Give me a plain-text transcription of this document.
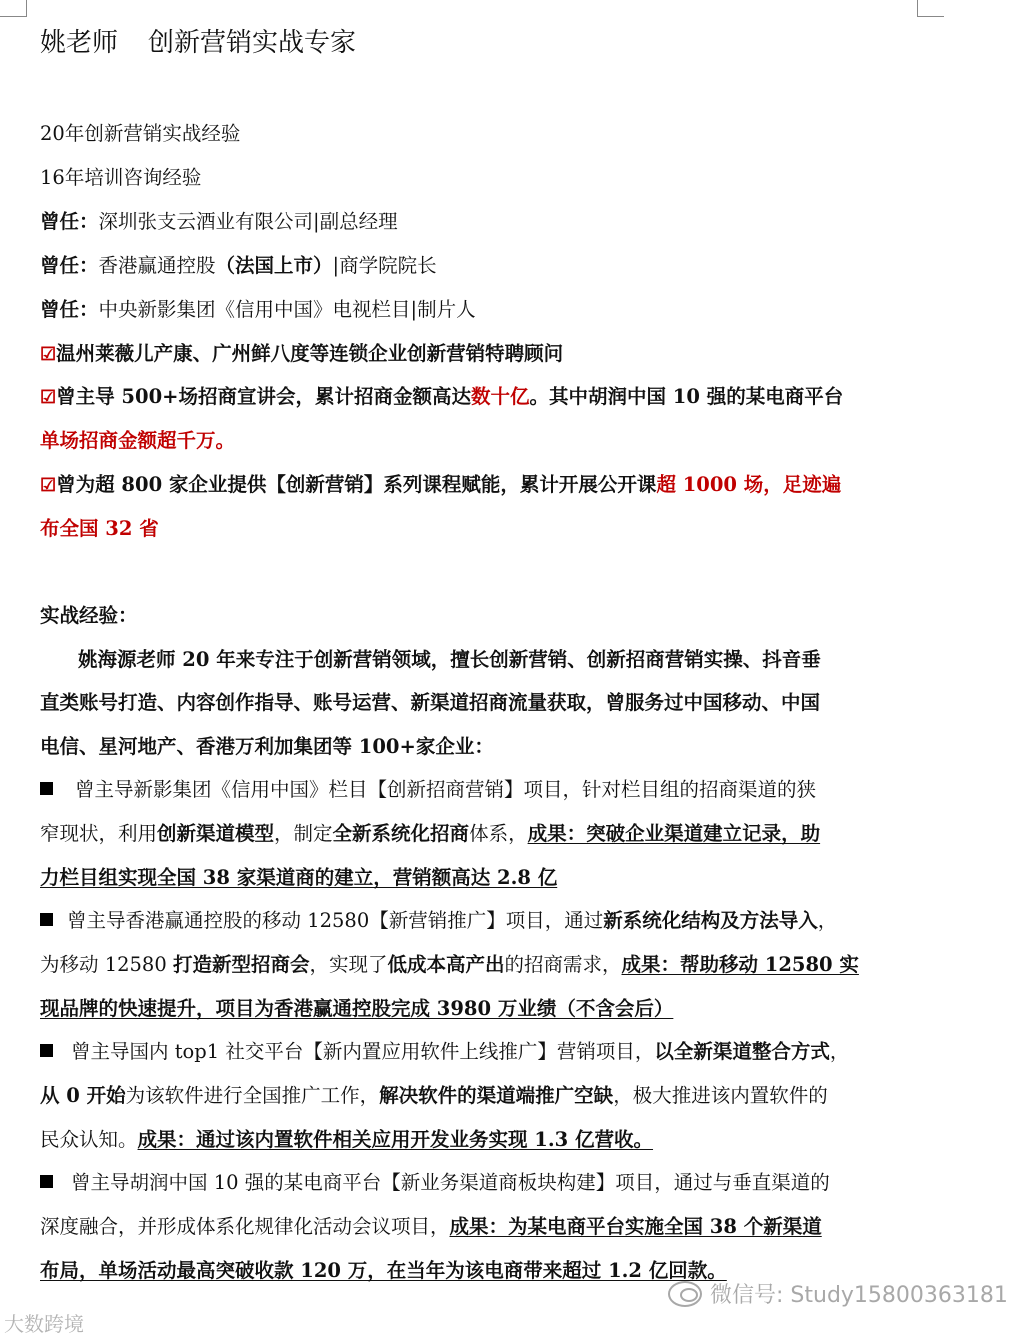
姚老师 创新营销实战专家
20年创新营销实战经验
16年培训咨询经验
曾任：深圳张支云酒业有限公司|副总经理
曾任：香港赢通控股（法国上市）|商学院院长
曾任：中央新影集团《信用中国》电视栏目|制片人
☑温州莱薇儿产康、广州鲜八度等连锁企业创新营销特聘顾问
☑曾主导 500+场招商宣讲会，累计招商金额高达数十亿。其中胡润中国 10 强的某电商平台
单场招商金额超千万。
☑曾为超 800 家企业提供【创新营销】系列课程赋能，累计开展公开课超 1000 场，足迹遍
布全国 32 省
实战经验：
姚海源老师 20 年来专注于创新营销领域，擅长创新营销、创新招商营销实操、抖音垂
直类账号打造、内容创作指导、账号运营、新渠道招商流量获取，曾服务过中国移动、中国
电信、星河地产、香港万利加集团等 100+家企业：
曾主导新影集团《信用中国》栏目【创新招商营销】项目，针对栏目组的招商渠道的狭
窄现状，利用创新渠道模型，制定全新系统化招商体系，成果：突破企业渠道建立记录，助
力栏目组实现全国 38 家渠道商的建立，营销额高达 2.8 亿
曾主导香港赢通控股的移动 12580【新营销推广】项目，通过新系统化结构及方法导入，
为移动 12580 打造新型招商会，实现了低成本高产出的招商需求，成果：帮助移动 12580 实
现品牌的快速提升，项目为香港赢通控股完成 3980 万业绩（不含会后）
曾主导国内 top1 社交平台【新内置应用软件上线推广】营销项目，以全新渠道整合方式，
从 0 开始为该软件进行全国推广工作，解决软件的渠道端推广空缺，极大推进该内置软件的
民众认知。成果：通过该内置软件相关应用开发业务实现 1.3 亿营收。
曾主导胡润中国 10 强的某电商平台【新业务渠道商板块构建】项目，通过与垂直渠道的
深度融合，并形成体系化规律化活动会议项目，成果：为某电商平台实施全国 38 个新渠道
布局，单场活动最高突破收款 120 万，在当年为该电商带来超过 1.2 亿回款。
大数跨境
微信号: Study15800363181
